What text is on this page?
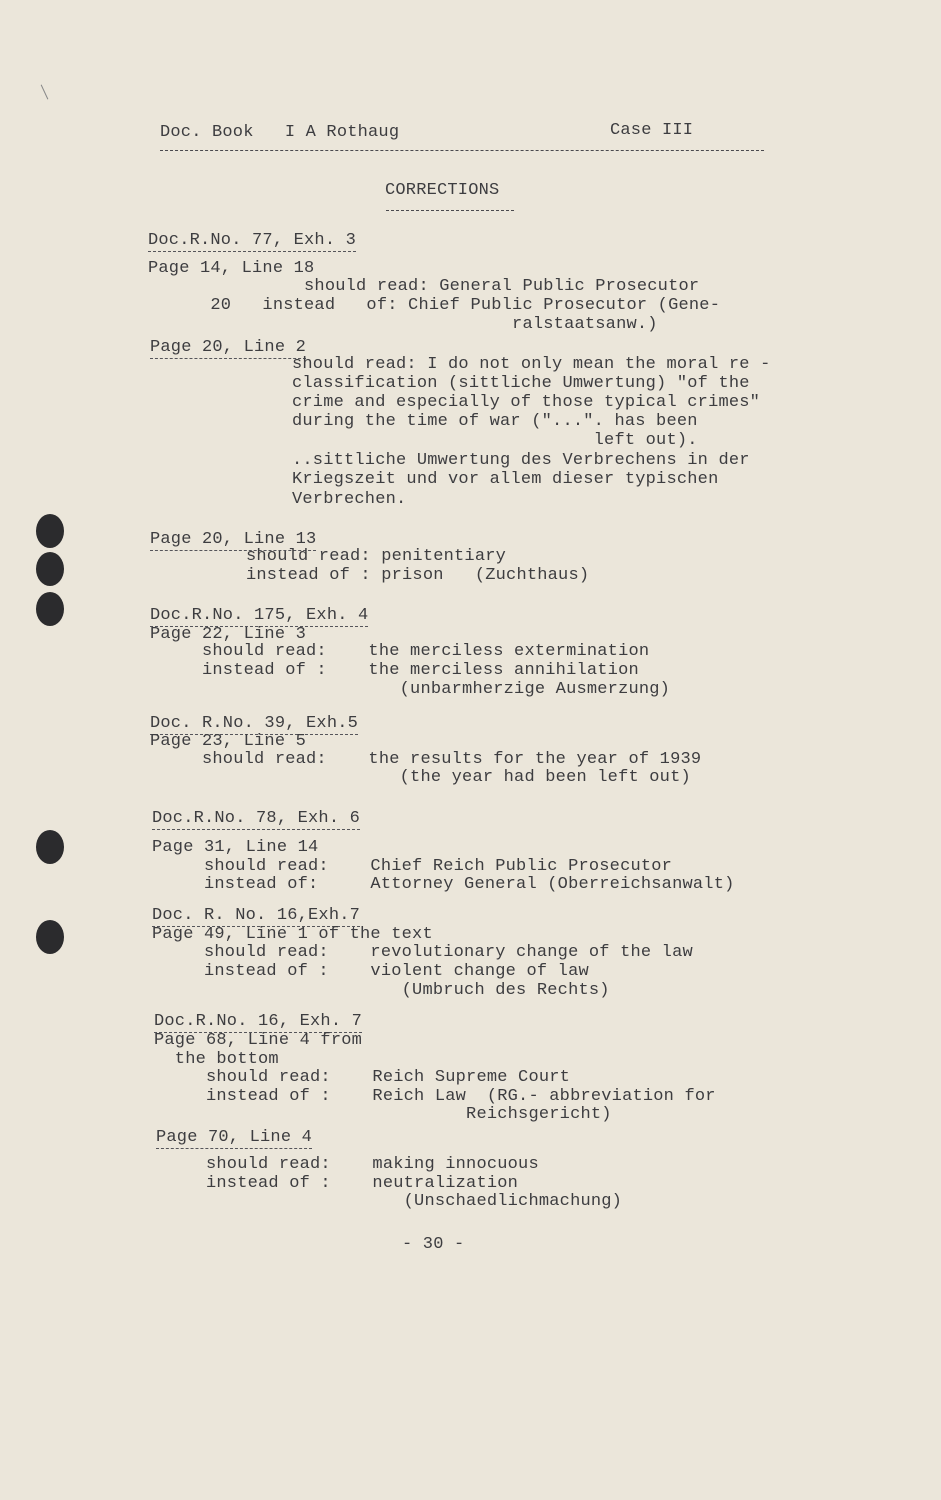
Doc. Book   I A Rothaug	Case III
CORRECTIONS
Doc.R.No. 77, Exh. 3
Page 14, Line 18
should read: General Public Prosecutor
20   instead   of: Chief Public Prosecutor (Gene-
ralstaatsanw.)
Page 20, Line 2
should read: I do not only mean the moral re -
classification (sittliche Umwertung) "of the
crime and especially of those typical crimes"
during the time of war ("...". has been
left out).
..sittliche Umwertung des Verbrechens in der
Kriegszeit und vor allem dieser typischen
Verbrechen.
Page 20, Line 13
should read: penitentiary
instead of : prison   (Zuchthaus)
Doc.R.No. 175, Exh. 4
Page 22, Line 3
should read:    the merciless extermination
instead of :    the merciless annihilation
(unbarmherzige Ausmerzung)
Doc. R.No. 39, Exh.5
Page 23, Line 5
should read:    the results for the year of 1939
(the year had been left out)
Doc.R.No. 78, Exh. 6
Page 31, Line 14
should read:    Chief Reich Public Prosecutor
instead of:     Attorney General (Oberreichsanwalt)
Doc. R. No. 16,Exh.7
Page 49, Line 1 of the text
should read:    revolutionary change of the law
instead of :    violent change of law
(Umbruch des Rechts)
Doc.R.No. 16, Exh. 7
Page 68, Line 4 from
the bottom
should read:    Reich Supreme Court
instead of :    Reich Law  (RG.- abbreviation for
Reichsgericht)
Page 70, Line 4
should read:    making innocuous
instead of :    neutralization
(Unschaedlichmachung)
- 30 -
